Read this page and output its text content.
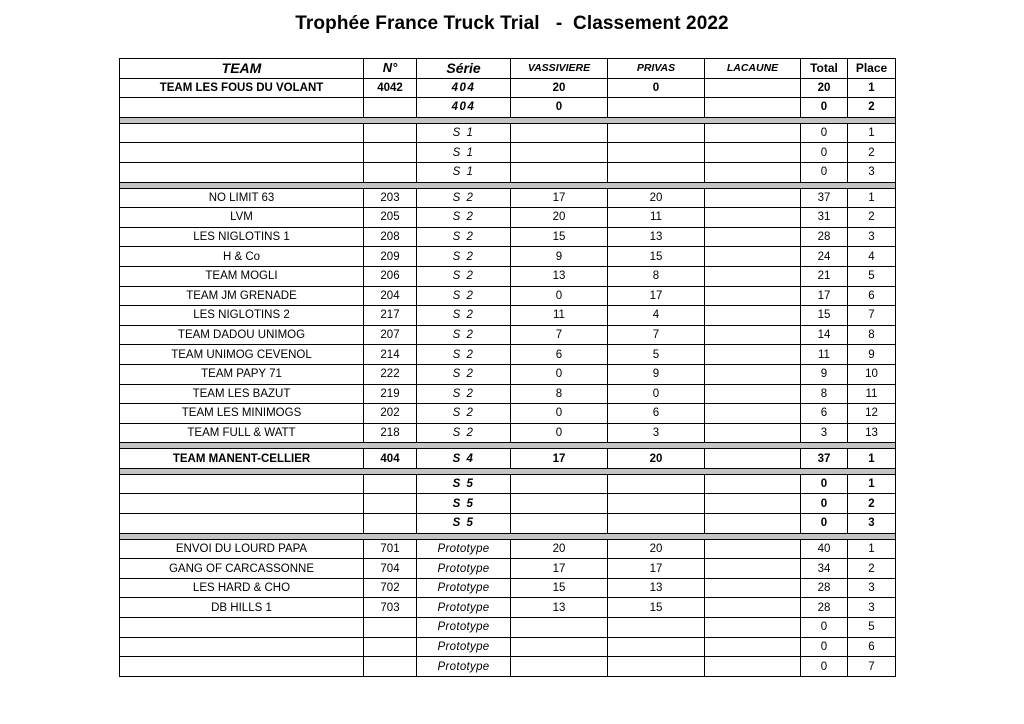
Trophée France Truck Trial   -  Classement 2022
TEAM	N°	Série	VASSIVIERE	PRIVAS	LACAUNE	Total	Place
TEAM LES FOUS DU VOLANT	4042	404	20	0		20	1
		404	0			0	2

		S 1				0	1
		S 1				0	2
		S 1				0	3

NO LIMIT 63	203	S 2	17	20		37	1
LVM	205	S 2	20	11		31	2
LES NIGLOTINS 1	208	S 2	15	13		28	3
H & Co	209	S 2	9	15		24	4
TEAM MOGLI	206	S 2	13	8		21	5
TEAM JM GRENADE	204	S 2	0	17		17	6
LES NIGLOTINS 2	217	S 2	11	4		15	7
TEAM DADOU UNIMOG	207	S 2	7	7		14	8
TEAM UNIMOG CEVENOL	214	S 2	6	5		11	9
TEAM PAPY 71	222	S 2	0	9		9	10
TEAM LES BAZUT	219	S 2	8	0		8	11
TEAM LES MINIMOGS	202	S 2	0	6		6	12
TEAM FULL & WATT	218	S 2	0	3		3	13

TEAM MANENT-CELLIER	404	S 4	17	20		37	1

		S 5				0	1
		S 5				0	2
		S 5				0	3

ENVOI DU LOURD PAPA	701	Prototype	20	20		40	1
GANG OF CARCASSONNE	704	Prototype	17	17		34	2
LES HARD & CHO	702	Prototype	15	13		28	3
DB HILLS 1	703	Prototype	13	15		28	3
		Prototype				0	5
		Prototype				0	6
		Prototype				0	7
